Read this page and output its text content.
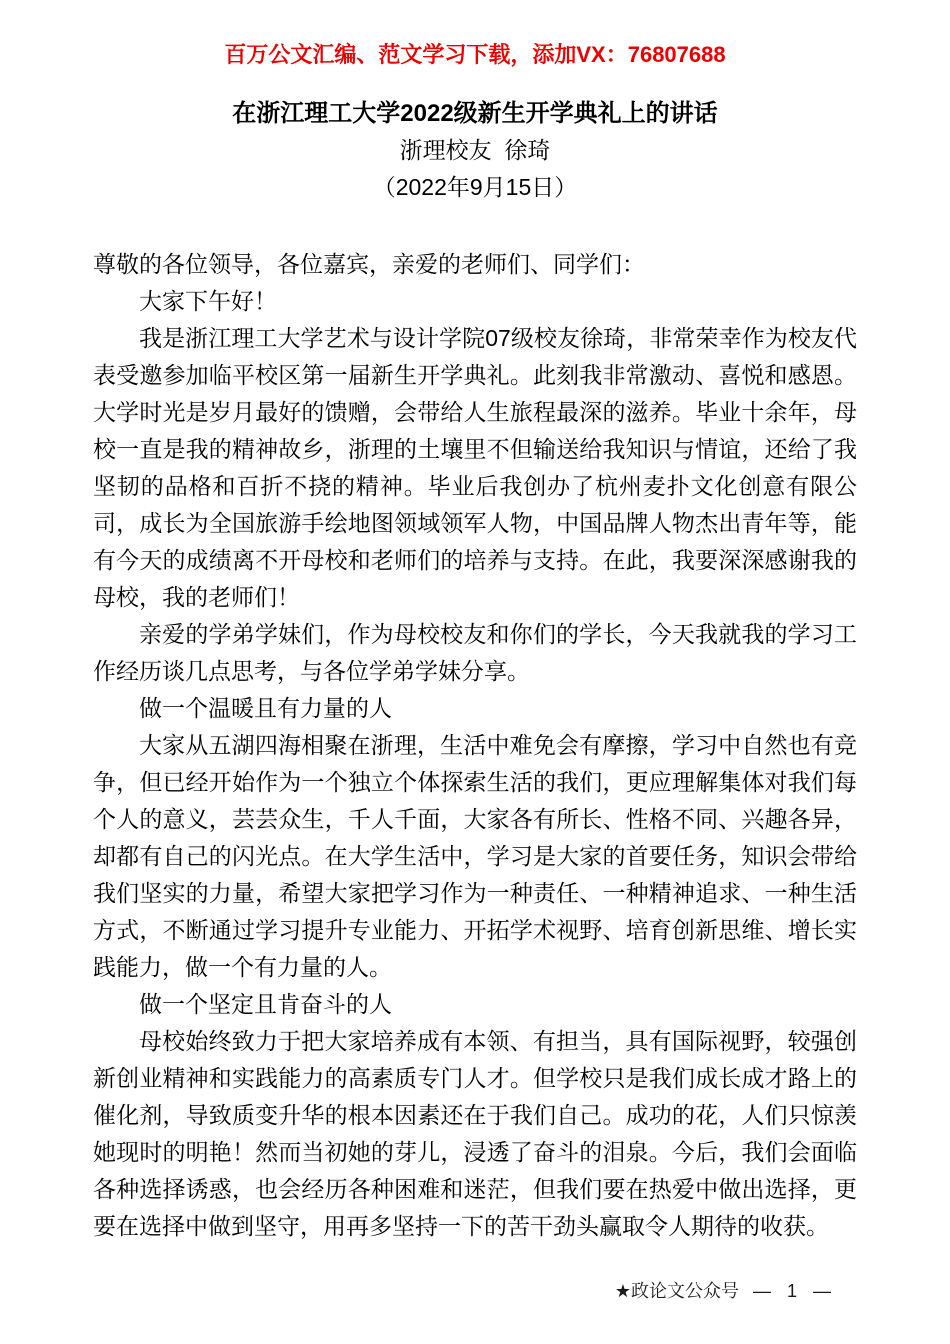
百万公文汇编、范文学习下载，添加VX：76807688
在浙江理工大学2022级新生开学典礼上的讲话
浙理校友  徐琦
（2022年9月15日）

尊敬的各位领导，各位嘉宾，亲爱的老师们、同学们：

大家下午好！

我是浙江理工大学艺术与设计学院07级校友徐琦，非常荣幸作为校友代表受邀参加临平校区第一届新生开学典礼。此刻我非常激动、喜悦和感恩。大学时光是岁月最好的馈赠，会带给人生旅程最深的滋养。毕业十余年，母校一直是我的精神故乡，浙理的土壤里不但输送给我知识与情谊，还给了我坚韧的品格和百折不挠的精神。毕业后我创办了杭州麦扑文化创意有限公司，成长为全国旅游手绘地图领域领军人物，中国品牌人物杰出青年等，能有今天的成绩离不开母校和老师们的培养与支持。在此，我要深深感谢我的母校，我的老师们！

亲爱的学弟学妹们，作为母校校友和你们的学长，今天我就我的学习工作经历谈几点思考，与各位学弟学妹分享。

做一个温暖且有力量的人

大家从五湖四海相聚在浙理，生活中难免会有摩擦，学习中自然也有竞争，但已经开始作为一个独立个体探索生活的我们，更应理解集体对我们每个人的意义，芸芸众生，千人千面，大家各有所长、性格不同、兴趣各异，却都有自己的闪光点。在大学生活中，学习是大家的首要任务，知识会带给我们坚实的力量，希望大家把学习作为一种责任、一种精神追求、一种生活方式，不断通过学习提升专业能力、开拓学术视野、培育创新思维、增长实践能力，做一个有力量的人。

做一个坚定且肯奋斗的人

母校始终致力于把大家培养成有本领、有担当，具有国际视野，较强创新创业精神和实践能力的高素质专门人才。但学校只是我们成长成才路上的催化剂，导致质变升华的根本因素还在于我们自己。成功的花，人们只惊羡她现时的明艳！然而当初她的芽儿，浸透了奋斗的泪泉。今后，我们会面临各种选择诱惑，也会经历各种困难和迷茫，但我们要在热爱中做出选择，更要在选择中做到坚守，用再多坚持一下的苦干劲头赢取令人期待的收获。

★政论文公众号 —  1  —
